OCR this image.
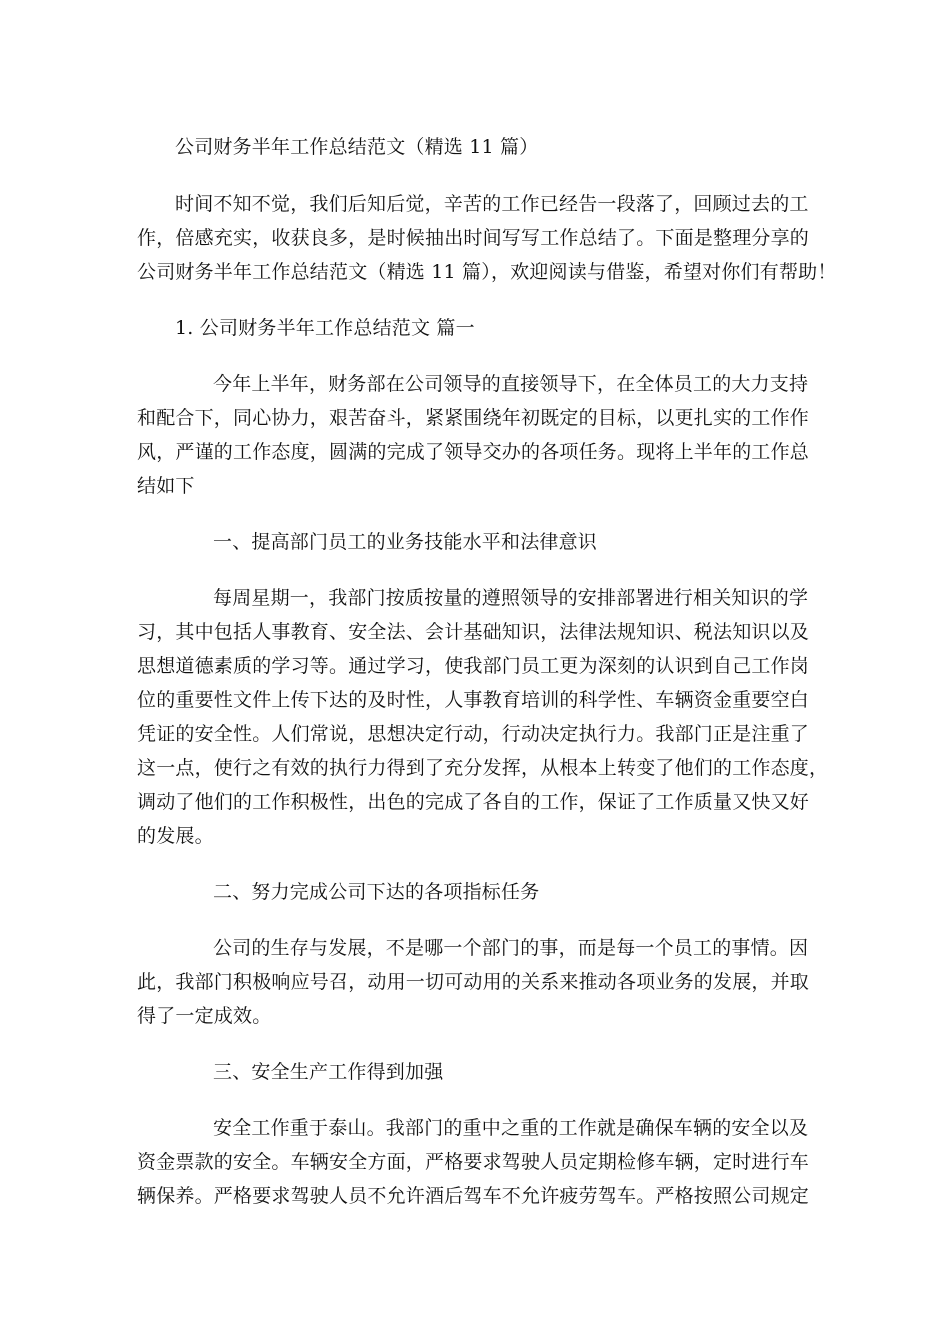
公司财务半年工作总结范文（精选 11 篇）
时间不知不觉，我们后知后觉，辛苦的工作已经告一段落了，回顾过去的工
作，倍感充实，收获良多，是时候抽出时间写写工作总结了。下面是整理分享的
公司财务半年工作总结范文（精选 11 篇），欢迎阅读与借鉴，希望对你们有帮助！
1. 公司财务半年工作总结范文 篇一
今年上半年，财务部在公司领导的直接领导下，在全体员工的大力支持
和配合下，同心协力，艰苦奋斗，紧紧围绕年初既定的目标，以更扎实的工作作
风，严谨的工作态度，圆满的完成了领导交办的各项任务。现将上半年的工作总
结如下
一、提高部门员工的业务技能水平和法律意识
每周星期一，我部门按质按量的遵照领导的安排部署进行相关知识的学
习，其中包括人事教育、安全法、会计基础知识，法律法规知识、税法知识以及
思想道德素质的学习等。通过学习，使我部门员工更为深刻的认识到自己工作岗
位的重要性文件上传下达的及时性，人事教育培训的科学性、车辆资金重要空白
凭证的安全性。人们常说，思想决定行动，行动决定执行力。我部门正是注重了
这一点，使行之有效的执行力得到了充分发挥，从根本上转变了他们的工作态度，
调动了他们的工作积极性，出色的完成了各自的工作，保证了工作质量又快又好
的发展。
二、努力完成公司下达的各项指标任务
公司的生存与发展，不是哪一个部门的事，而是每一个员工的事情。因
此，我部门积极响应号召，动用一切可动用的关系来推动各项业务的发展，并取
得了一定成效。
三、安全生产工作得到加强
安全工作重于泰山。我部门的重中之重的工作就是确保车辆的安全以及
资金票款的安全。车辆安全方面，严格要求驾驶人员定期检修车辆，定时进行车
辆保养。严格要求驾驶人员不允许酒后驾车不允许疲劳驾车。严格按照公司规定
